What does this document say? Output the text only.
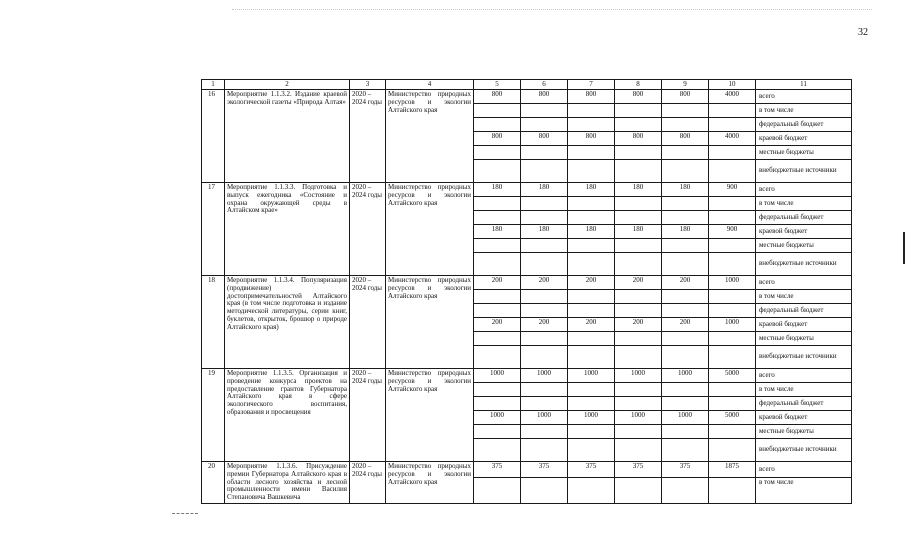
32
1	2	3	4	5	6	7	8	9	10	11
16	Мероприятие 1.1.3.2. Издание краевой экологической газеты «Природа Алтая»	2020 – 2024 годы	Министерство природных ресурсов и экологии Алтайского края	800	800	800	800	800	4000	всего
										в том числе
										федеральный бюджет
				800	800	800	800	800	4000	краевой бюджет
										местные бюджеты
										внебюджетные источники
17	Мероприятие 1.1.3.3. Подготовка и выпуск ежегодника «Состояние и охрана окружающей среды в Алтайском крае»	2020 – 2024 годы	Министерство природных ресурсов и экологии Алтайского края	180	180	180	180	180	900	всего
										в том числе
										федеральный бюджет
				180	180	180	180	180	900	краевой бюджет
										местные бюджеты
										внебюджетные источники
18	Мероприятие 1.1.3.4. Популяризация (продвижение) достопримечательностей Алтайского края (в том числе подготовка и издание методической литературы, серии книг, буклетов, открыток, брошюр о природе Алтайского края)	2020 – 2024 годы	Министерство природных ресурсов и экологии Алтайского края	200	200	200	200	200	1000	всего
										в том числе
										федеральный бюджет
				200	200	200	200	200	1000	краевой бюджет
										местные бюджеты
										внебюджетные источники
19	Мероприятие 1.1.3.5. Организация и проведение конкурса проектов на предоставление грантов Губернатора Алтайского края в сфере экологического воспитания, образования и просвещения	2020 – 2024 годы	Министерство природных ресурсов и экологии Алтайского края	1000	1000	1000	1000	1000	5000	всего
										в том числе
										федеральный бюджет
				1000	1000	1000	1000	1000	5000	краевой бюджет
										местные бюджеты
										внебюджетные источники
20	Мероприятие 1.1.3.6. Присуждение премии Губернатора Алтайского края в области лесного хозяйства и лесной промышленности имени Василия Степановича Вашкевича	2020 – 2024 годы	Министерство природных ресурсов и экологии Алтайского края	375	375	375	375	375	1875	всего
										в том числе
